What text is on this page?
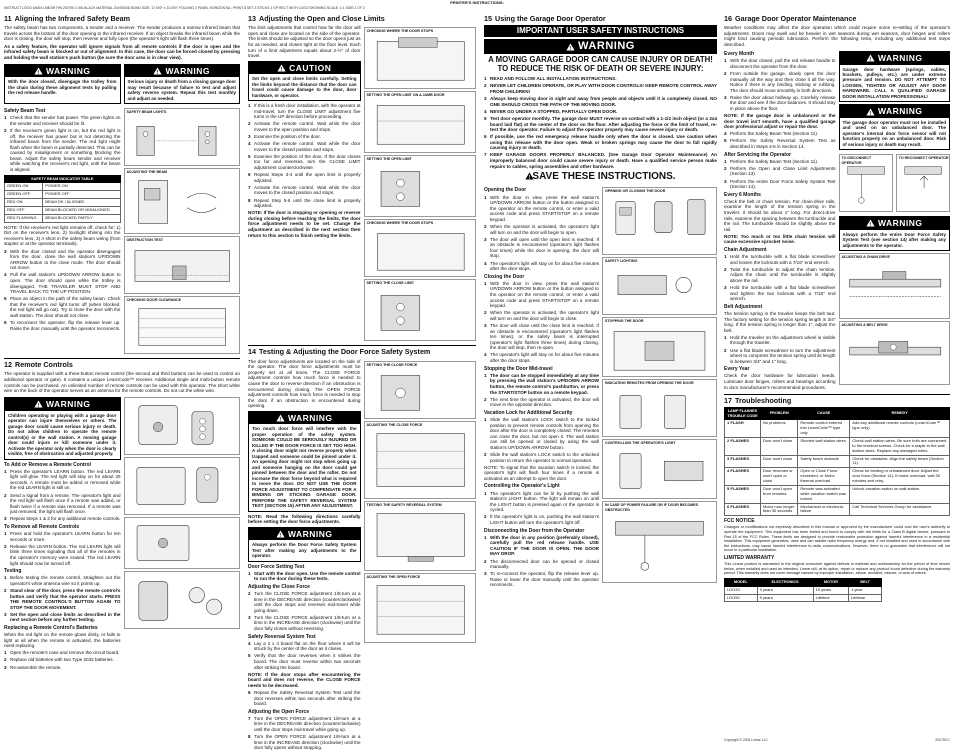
PRINTER'S INSTRUCTIONS:
INSTRUCT LOGO 6/6/04 LINEAR P/N 203750 C BK-BLACK MATERIAL 20# BOND BOND SIZE: 17.000" x 22.000" FOLDING 2 PANEL HORIZONTAL; PRINT 8 SET 2 STICKS 1 GP RECT WITH LOGO SHOWING SCALE: 1:1 SIDE 2 OF 2
11 Aligning the Infrared Safety Beam

The safety beam has two components, a sender and a receiver. The sender produces a narrow infrared beam that travels across the bottom of the door opening to the infrared receiver. If an object breaks the infrared beam while the door is closing, the door will stop, then reverse and fully open (the operator's light will flash three times).

As a safety feature, the operator will ignore signals from all remote controls if the door is open and the infrared safety beam is blocked or out of alignment. In this case, the door can be forced closed by pressing and holding the wall station's push button (be sure the door area is in clear view).

! WARNING
With the door closed, disengage the trolley from the chain during these alignment tests by pulling the red release handle.
! WARNING
Serious injury or death from a closing garage door may result because of failure to test and adjust safety reverse system. Repeat this test monthly and adjust as needed.
Safety Beam Test
1 Check that the sender has power. The green lights on the sender and receiver should be lit.
2 If the receiver's green light is on, but the red light is off, the receiver has power but is not detecting the infrared beam from the sender. The red light might flash when the beam is partially detected. This can be caused by misalignment or something blocking the beam. Adjust the safety beam sender and receiver while watching the receiver's red light, until the beam is aligned.
SAFETY BEAM INDICATOR TABLE	
GREEN ON	POWER ON
GREEN OFF	POWER OFF
RED ON	BEAM OK / ALIGNED
RED OFF	BEAM BLOCKED OR MISALIGNED
RED FLASHING	BEAM BLOCKED PARTLY

NOTE: If the receiver's red light remains off, check for: 1) Dirt on the receiver's lens, 2) Sunlight shining into the receiver's lens, 3) A short in the safety beam wiring (from staples or at the operator terminals).

3 With the door closed and the operator disengaged from the door, close the wall station's UP/DOWN ARROW button to the close mode. The door should not move.
4 Pull the wall station's UP/DOWN ARROW button to open. The door should open while the trolley is disengaged. THE TRAVELER MUST STOP AND TRAVEL BACK TO THE UP POSITION.
5 Place an object in the path of the safety beam. Check that the receiver's red light turns off (when blocked, the red light will go out). Try to close the door with the wall station. The door should not close.
6 To reconnect the operator, flip the release lever up. Raise the door manually until the operator reconnects.
SAFETY BEAM LIGHTS
ADJUSTING THE BEAM
OBSTRUCTION TEST
CHECKING DOOR CLEARANCE
12 Remote Controls

The operator is supplied with a three-button remote control (the second and third buttons can be used to control an additional operator or gate). It contains a unique LearnCode™ receiver. Additional single and multi-button remote controls can be purchased. An unlimited number of remote controls can be used with this operator. The short white wire on the back of the operator serves as an antenna for the remote controls. Do not cut the white wire.

! WARNING
Children operating or playing with a garage door operator can injure themselves or others. The garage door could cause serious injury or death. Do not allow children to operate the remote control(s) or the wall station. A moving garage door could injure or kill someone under it. Activate the operator only when the door is clearly visible, free of obstruction and adjusted properly.
To Add or Remove a Remote Control
1 Press the operator's LEARN button. The red LEARN light will glow. The red light will stay on for about 30 seconds. A remote must be added or removed while the red LEARN light is still on.
2 Send a signal from a remote. The operator's light and the red light will flash once if a remote was added, or flash twice if a remote was removed. If a remote was just removed, the light will flash once.
3 Repeat Steps 1 & 2 for any additional remote controls.
To Remove all Remote Controls
1 Press and hold the operator's LEARN button for ten seconds or more.
2 Release the LEARN button. The red LEARN light will blink three times signaling that all of the remotes in the operator's memory were erased. The red LEARN light should now be turned off.
Testing
1 Before testing the remote control, straighten out the operator's white antenna wire so it points up.
2 Stand clear of the door, press the remote control's button and verify that the operator starts. PRESS THE REMOTE CONTROL'S BUTTON AGAIN TO STOP THE DOOR MOVEMENT.
3 Set the open and close limits as described in the next section before any further testing.
Replacing a Remote Control's Batteries

When the red light on the remote glows dimly, or fails to light at all when the remote is activated, the batteries need replacing.

1 Open the remote's case and remove the circuit board.
2 Replace old batteries with two Type 2032 batteries.
3 Re-assemble the remote.
13 Adjusting the Open and Close Limits

The limit adjustments that control how far the door will open and close are located on the side of the operator. The limits should be adjusted so the door opens just as far as needed, and closes tight at the floor level. Each turn of a limit adjustment equals about 2-½" of door travel.

! CAUTION
Set the open and close limits carefully. Setting the limits beyond the distance that the door can travel could cause damage to the door, door hardware, or operator.
1 If this is a fresh door installation, with the operator at mid-travel, turn the CLOSE LIMIT adjustment five turns in the UP direction before proceeding.
2 Activate the remote control. Wait while the door moves to the open position and stops.
3 Examine the position of the door.
4 Activate the remote control. Wait while the door moves to the closed position and stops.
5 Examine the position of the door. If the door closes too far and reverses, turn the CLOSE LIMIT adjustment counterclockwise.
6 Repeat Steps 3-4 until the open limit is properly adjusted.
7 Activate the remote control. Wait while the door moves to the closed position and stops.
8 Repeat Step 5-6 until the close limit is properly adjusted.

NOTE: If the door is stopping or opening or reverse during closing before reaching the limits, the door force adjustment needs to be set. Change the adjustment as described in the next section then return to this section to finish setting the limits.

CHECKING WHERE THE DOOR STOPS
SETTING THE OPEN LIMIT ON A JAMB DOOR
SETTING THE OPEN LIMIT
CHECKING WHERE THE DOOR STOPS
SETTING THE CLOSE LIMIT
14 Testing & Adjusting the Door Force Safety System

The door force adjustments are located on the side of the operator. The door force adjustments must be properly set at all times. The CLOSE FORCE adjustment controls how much force is needed to cause the door to reverse direction if an obstruction is encountered during closing. The OPEN FORCE adjustment controls how much force is needed to stop the door if an obstruction is encountered during opening.

! WARNING
Too much door force will interfere with the proper operation of the safety system. SOMEONE COULD BE SERIOUSLY INJURED OR KILLED IF THE DOOR FORCE IS SET TOO HIGH. A closing door might not reverse properly when trapped and someone could be pinned under it. An opening door might not stop when going up and someone hanging on the door could get pinned between the door and the rafter. Do not increase the door force beyond what is required to move the door. DO NOT USE THE DOOR FORCE ADJUSTMENT TO COMPENSATE FOR A BINDING OR STICKING GARAGE DOOR. PERFORM THE SAFETY REVERSAL SYSTEM TEST (SECTION 15) AFTER ANY ADJUSTMENT.

NOTE: Read the following directions carefully before setting the door force adjustments.

! WARNING
Always perform the Door Force Safety System Test after making any adjustments to the operator.
Door Force Setting Test
1 Start with the door open. Use the remote control to run the door during these tests.
Adjusting the Close Force
2 Turn the CLOSE FORCE adjustment 1/8-turn at a time in the DECREASE direction (counterclockwise) until the door stops and reverses mid-travel while going down.
3 Turn the CLOSE FORCE adjustment 1/8-turn at a time in the INCREASE direction (clockwise) until the door fully closes without reversing.
Safety Reversal System Test
4 Lay a 2 x 4 board flat on the floor where it will be struck by the center of the door as it closes.
5 Verify that the door reverses when it strikes the board. The door must reverse within two seconds after striking the board.

NOTE: If the door stops after encountering the board and does not reverse, the CLOSE FORCE needs to be decreased.

6 Repeat the Safety Reversal System Test until the door reverses within two seconds after striking the board.
Adjusting the Open Force
7 Turn the OPEN FORCE adjustment 1/8-turn at a time in the DECREASE direction (counterclockwise) until the door stops mid-travel while going up.
8 Turn the OPEN FORCE adjustment 1/8-turn at a time in the INCREASE direction (clockwise) until the door fully opens without stopping.
SETTING THE CLOSE FORCE
ADJUSTING THE CLOSE FORCE
TESTING THE SAFETY REVERSAL SYSTEM
ADJUSTING THE OPEN FORCE
15 Using the Garage Door Operator
IMPORTANT USER SAFETY INSTRUCTIONS
! WARNING
A MOVING GARAGE DOOR CAN CAUSE INJURY OR DEATH! TO REDUCE THE RISK OF DEATH OR SEVERE INJURY:
1 READ AND FOLLOW ALL INSTALLATION INSTRUCTIONS.
2 NEVER LET CHILDREN OPERATE, OR PLAY WITH DOOR CONTROLS! KEEP REMOTE CONTROL AWAY FROM CHILDREN!
3 Always keep moving door in sight and away from people and objects until it is completely closed. NO ONE SHOULD CROSS THE PATH OF THE MOVING DOOR.
4 NEVER GO UNDER A STOPPED, PARTIALLY OPEN DOOR.
5 Test door operator monthly. The garage door MUST reverse on contact with a 1-1/2 inch object (or a 2x4 board laid flat) at the center of the door on the floor. After adjusting the force or the limit of travel, re-test the door operator. Failure to adjust the operator properly may cause severe injury or death.
6 If possible, use the red emergency release handle only when the door is closed. Use caution when using this release with the door open. Weak or broken springs may cause the door to fall rapidly causing injury or death.
7 KEEP GARAGE DOORS PROPERLY BALANCED. (See Garage Door Operator Maintenance) An improperly balanced door could cause severe injury or death. Have a qualified service person make repairs to cables, spring assemblies and other hardware.
! SAVE THESE INSTRUCTIONS.
Opening the Door
1 With the door in view, press the wall station's UP/DOWN ARROW button or the button assigned to the operator on the remote control, or enter a valid access code and press START/STOP on a remote keypad.
2 When the operator is activated, the operator's light will turn on and the door will begin to open.
3 The door will open until the open limit is reached. If an obstacle is encountered (operator's light flashes four times) while the door is opening, the door will stop.
4 The operator's light will stay on for about five minutes after the door stops.
Closing the Door
1 With the door in view, press the wall station's UP/DOWN ARROW button or the button assigned to the operator on the remote control, or enter a valid access code and press START/STOP on a remote keypad.
2 When the operator is activated, the operator's light will turn on and the door will begin to close.
3 The door will close until the close limit is reached. If an obstacle is encountered (operator's light flashes ten times), or the safety beam is interrupted (operator's light flashes three times) during closing, the door will stop, then re-open.
4 The operator's light will stay on for about five minutes after the door stops.
Stopping the Door Mid-travel
1 The door can be stopped immediately at any time by pressing the wall station's UP/DOWN ARROW button, the remote control's pushbutton, or press the START/STOP button on a remote keypad.
2 The next time the operator is activated, the door will move in the opposite direction.
Vacation Lock for Additional Security
1 Slide the wall station's LOCK switch to the locked position to prevent remote controls from opening the door after the door is completely closed. The remotes can close the door, but not open it. The wall station can still be opened or closed by using the wall station's UP/DOWN ARROW button.
2 Slide the wall station's LOCK switch to the unlocked position to return the operator to normal operation.

NOTE: To signal that the vacation switch is locked, the operator's light will flash four times if a remote is activated as an attempt to open the door.

Controlling the Operator's Light
1 The operator's light can be lit by pushing the wall station's LIGHT button. The light will remain on until the LIGHT button is pressed again or the operator is cycled.
2 If the operator's light is on, pushing the wall station's LIGHT button will turn the operator's light off.
Disconnecting the Door from the Operator
1 With the door in any position (preferably closed), carefully pull the red release handle. USE CAUTION IF THE DOOR IS OPEN. THE DOOR MAY DROP.
2 The disconnected door can be opened or closed manually.
3 To re-connect the operator, flip the release lever up. Raise or lower the door manually until the operator reconnects.
OPENING OR CLOSING THE DOOR
SAFETY LIGHTING
STOPPING THE DOOR
INDICATING REMOTES FROM OPENING THE DOOR
CONTROLLING THE OPERATOR'S LIGHT
IN CASE OF POWER FAILURE OR IF DOOR BECOMES OBSTRUCTED
16 Garage Door Operator Maintenance

Weather conditions may affect the door operation which could require some re-setting of the operator's adjustments. Doors may swell and be heavier in wet seasons during wet seasons, door hinges and rollers might bind causing periodic lubrication. Perform the following tests, including any additional test steps described.

Every Month
1 With the door closed, pull the red release handle to disconnect the operator from the door.
2 From outside the garage, slowly open the door manually all the way and then close it all the way. Notice if there is any binding, sticking or rubbing. The door should move smoothly in both directions.
3 Raise the door about halfway up. Carefully release the door and see if the door balances. It should stay in place above the floor.

NOTE: If the garage door is unbalanced or the door travel isn't smooth, have a qualified garage door professional adjust or repair the door.

4 Perform the Safety Beam Test (Section 11).
5 Perform the Safety Reversal System Test as described in Steps 4-6 in Section 14.
After Servicing the Operator
1 Perform the Safety Beam Test (Section 11).
2 Perform the Open and Close Limit Adjustments (Section 13).
3 Perform the entire Door Force Safety System Test (Section 14).
Every 6 Months

Check the belt or chain tension. For chain-drive rails, examine the length of the tension spring in the traveler. It should be about 1" long. For direct-drive rails, examine the spacing between the turnbuckle and the rail. The turnbuckle should be slightly above the rail.

NOTE: Too much or too little chain tension will cause excessive sprocket noise.

Chain Adjustment
1 Hold the turnbuckle with a flat blade screwdriver and loosen the locknuts with a 7/16" end wrench.
2 Twist the turnbuckle to adjust the chain tension. Adjust the chain until the turnbuckle is slightly above the rail.
3 Hold the turnbuckle with a flat blade screwdriver and tighten the two locknuts with a 7/16" end wrench.
Belt Adjustment

The tension spring in the traveler keeps the belt taut. The factory setting for the tension spring length is 3/4" long. If the tension spring is longer than 1", adjust the belt.

1 Hold the traveler on the adjustment wheel is visible through the traveler.
2 Use a flat blade screwdriver to turn the adjustment wheel to compress the tension spring until its length is between 3/4" and 1" long.
Every Year

Check the door hardware for lubrication needs. Lubricate door hinges, rollers and bearings according to door manufacturer's recommended procedures.

! WARNING
Garage door hardware (springs, cables, brackets, pulleys, etc.) are under extreme pressure and tension. DO NOT ATTEMPT TO LOOSEN, TIGHTEN OR ADJUST ANY DOOR HARDWARE. CALL A QUALIFIED GARAGE DOOR INSTALLATION PROFESSIONAL!
! WARNING
The garage door operator must not be installed and used on an unbalanced door. The operator's internal door force sensor will not function properly on an unbalanced door. Risk of serious injury or death may result.
TO DISCONNECT OPERATOR
TO RECONNECT OPERATOR
! WARNING
Always perform the entire Door Force Safety System Test (see section 14) after making any adjustments to the operator.
ADJUSTING A CHAIN DRIVE
ADJUSTING A BELT DRIVE
17 Troubleshooting
LAMP FLASHES TROUBLE CODE	PROBLEM	CAUSE	REMEDY
1 FLASH	No problems	Remote control entered into LearnCode™ type only	Add any additional remote controls (LearnCode™ type only)
2 FLASHES	Door won't close	Shorted wall station wires	Check wall station wires. Be sure both are connected to the terminal screws. Check for a staple in the wall station wires. Replace any damaged wires.
3 FLASHES	Door won't close	Safety beam obstacle	Check for obstacles. Align the safety beam (Section 11).
4 FLASHES	Door reverses or won't open or close	Open or Close Force exceeded, or Motor thermal overload	Check for binding or unbalanced door. Adjust the door force (Section 14). If motor overload, wait 30 minutes and retry.
5 FLASHES	Door won't open from remotes	Remote was activated while vacation switch was locked	Unlock vacation switch on wall station.
6 FLASHES	Motor runs longer than 30 seconds	Mechanical or electronic failure	Call Technical Services Group for assistance.
FCC NOTICE

Changes or modifications not expressly described in this manual or approved by the manufacturer could void the user's authority to operate the equipment. This equipment has been tested and found to comply with the limits for a Class B digital device, pursuant to Part 15 of the FCC Rules. These limits are designed to provide reasonable protection against harmful interference in a residential installation. This equipment generates, uses and can radiate radio frequency energy and, if not installed and used in accordance with the instructions, may cause harmful interference to radio communications. However, there is no guarantee that interference will not occur in a particular installation.

LIMITED WARRANTY

This Linear product is warranted to the original consumer against defects in material and workmanship for the period of time shown below, when installed and used as intended. Linear will, at its option, repair or replace any product found defective during the warranty period. This warranty does not cover damage caused by improper installation, abuse, accident, misuse, or acts of nature.

MODEL	ELECTRONICS	MOTOR	BELT
LDO33	3 years	10 years	1 year
LDO50	5 years	Lifetime	Lifetime
Copyright © 2004 Linear LLC	203750 C
